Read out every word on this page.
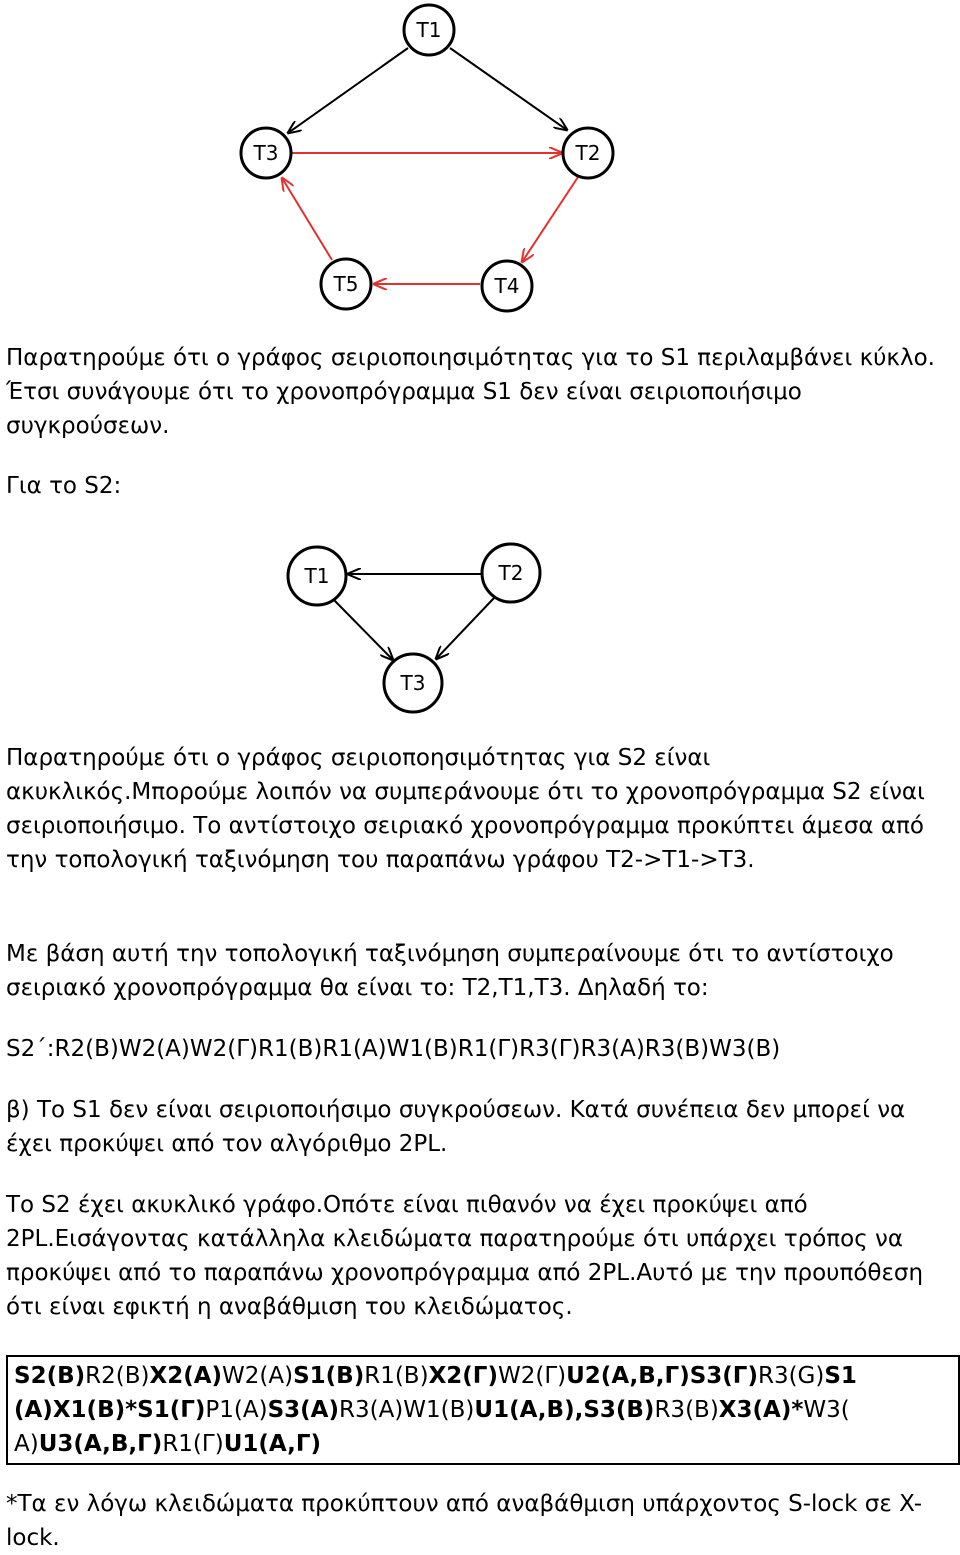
T1
T3	T2
T5	T4

Παρατηρούμε ότι ο γράφος σειριοποιησιμότητας για το S1 περιλαμβάνει κύκλο. Έτσι συνάγουμε ότι το χρονοπρόγραμμα S1 δεν είναι σειριοποιήσιμο συγκρούσεων.

Για το S2:

T1	T2
T3

Παρατηρούμε ότι ο γράφος σειριοποησιμότητας για S2 είναι ακυκλικός.Μπορούμε λοιπόν να συμπεράνουμε ότι το χρονοπρόγραμμα S2 είναι σειριοποιήσιμο. Το αντίστοιχο σειριακό χρονοπρόγραμμα προκύπτει άμεσα από την τοπολογική ταξινόμηση του παραπάνω γράφου T2->T1->T3.

Με βάση αυτή την τοπολογική ταξινόμηση συμπεραίνουμε ότι το αντίστοιχο σειριακό χρονοπρόγραμμα θα είναι το: T2,T1,T3. Δηλαδή το:

S2΄:R2(B)W2(A)W2(Γ)R1(B)R1(A)W1(B)R1(Γ)R3(Γ)R3(A)R3(B)W3(B)

β) Το S1 δεν είναι σειριοποιήσιμο συγκρούσεων. Κατά συνέπεια δεν μπορεί να έχει προκύψει από τον αλγόριθμο 2PL.

Το S2 έχει ακυκλικό γράφο.Οπότε είναι πιθανόν να έχει προκύψει από 2PL.Εισάγοντας κατάλληλα κλειδώματα παρατηρούμε ότι υπάρχει τρόπος να προκύψει από το παραπάνω χρονοπρόγραμμα από 2PL.Αυτό με την προυπόθεση ότι είναι εφικτή η αναβάθμιση του κλειδώματος.

S2(B)R2(B)X2(A)W2(A)S1(B)R1(B)X2(Γ)W2(Γ)U2(A,B,Γ)S3(Γ)R3(G)S1 (A)X1(B)*S1(Γ)P1(A)S3(A)R3(A)W1(B)U1(A,B),S3(B)R3(B)X3(A)*W3( A)U3(A,B,Γ)R1(Γ)U1(A,Γ)

*Τα εν λόγω κλειδώματα προκύπτουν από αναβάθμιση υπάρχοντος S-lock σε X-lock.
